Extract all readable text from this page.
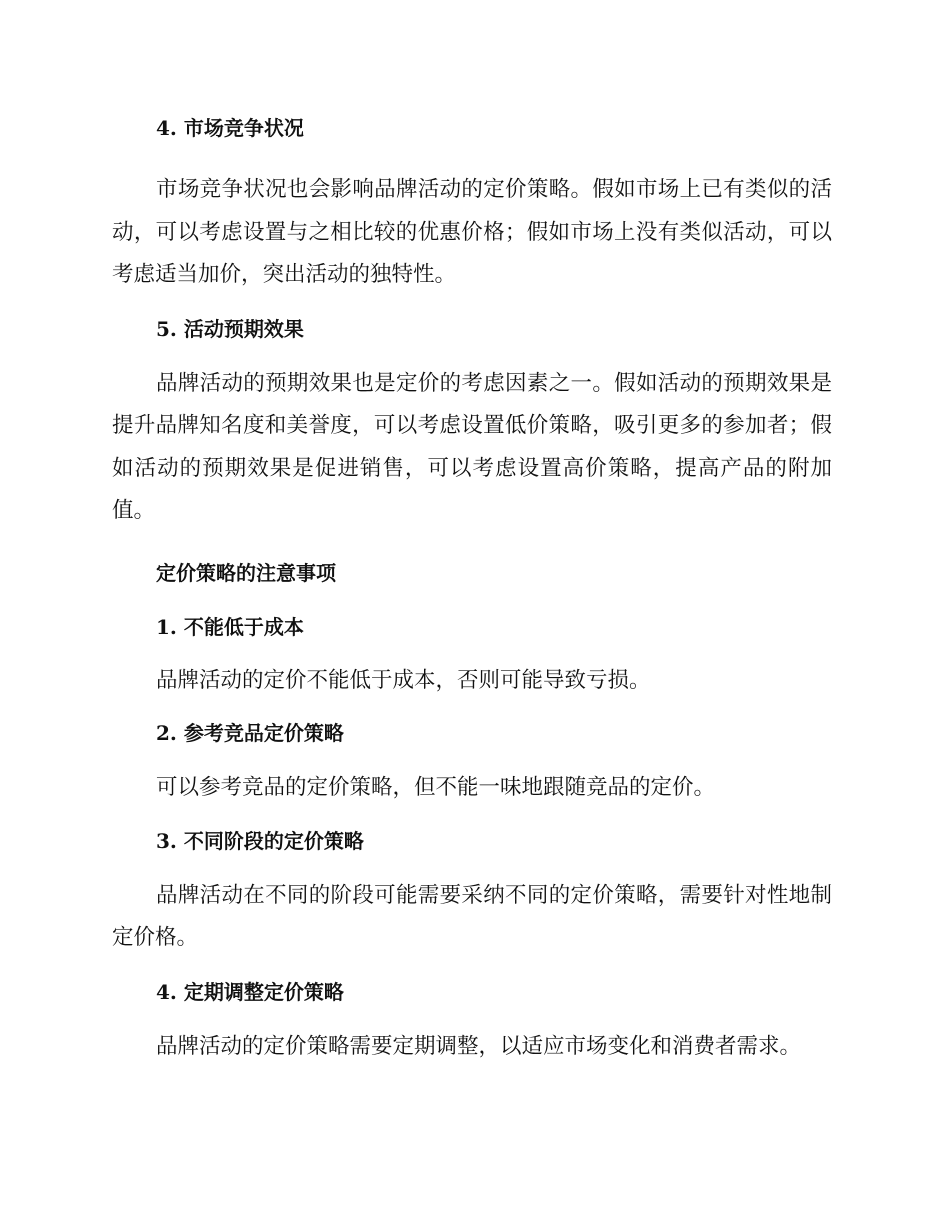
4. 市场竞争状况

市场竞争状况也会影响品牌活动的定价策略。假如市场上已有类似的活动，可以考虑设置与之相比较的优惠价格；假如市场上没有类似活动，可以考虑适当加价，突出活动的独特性。

5. 活动预期效果

品牌活动的预期效果也是定价的考虑因素之一。假如活动的预期效果是提升品牌知名度和美誉度，可以考虑设置低价策略，吸引更多的参加者；假如活动的预期效果是促进销售，可以考虑设置高价策略，提高产品的附加值。

定价策略的注意事项
1. 不能低于成本

品牌活动的定价不能低于成本，否则可能导致亏损。

2. 参考竞品定价策略

可以参考竞品的定价策略，但不能一味地跟随竞品的定价。

3. 不同阶段的定价策略

品牌活动在不同的阶段可能需要采纳不同的定价策略，需要针对性地制定价格。

4. 定期调整定价策略

品牌活动的定价策略需要定期调整，以适应市场变化和消费者需求。
